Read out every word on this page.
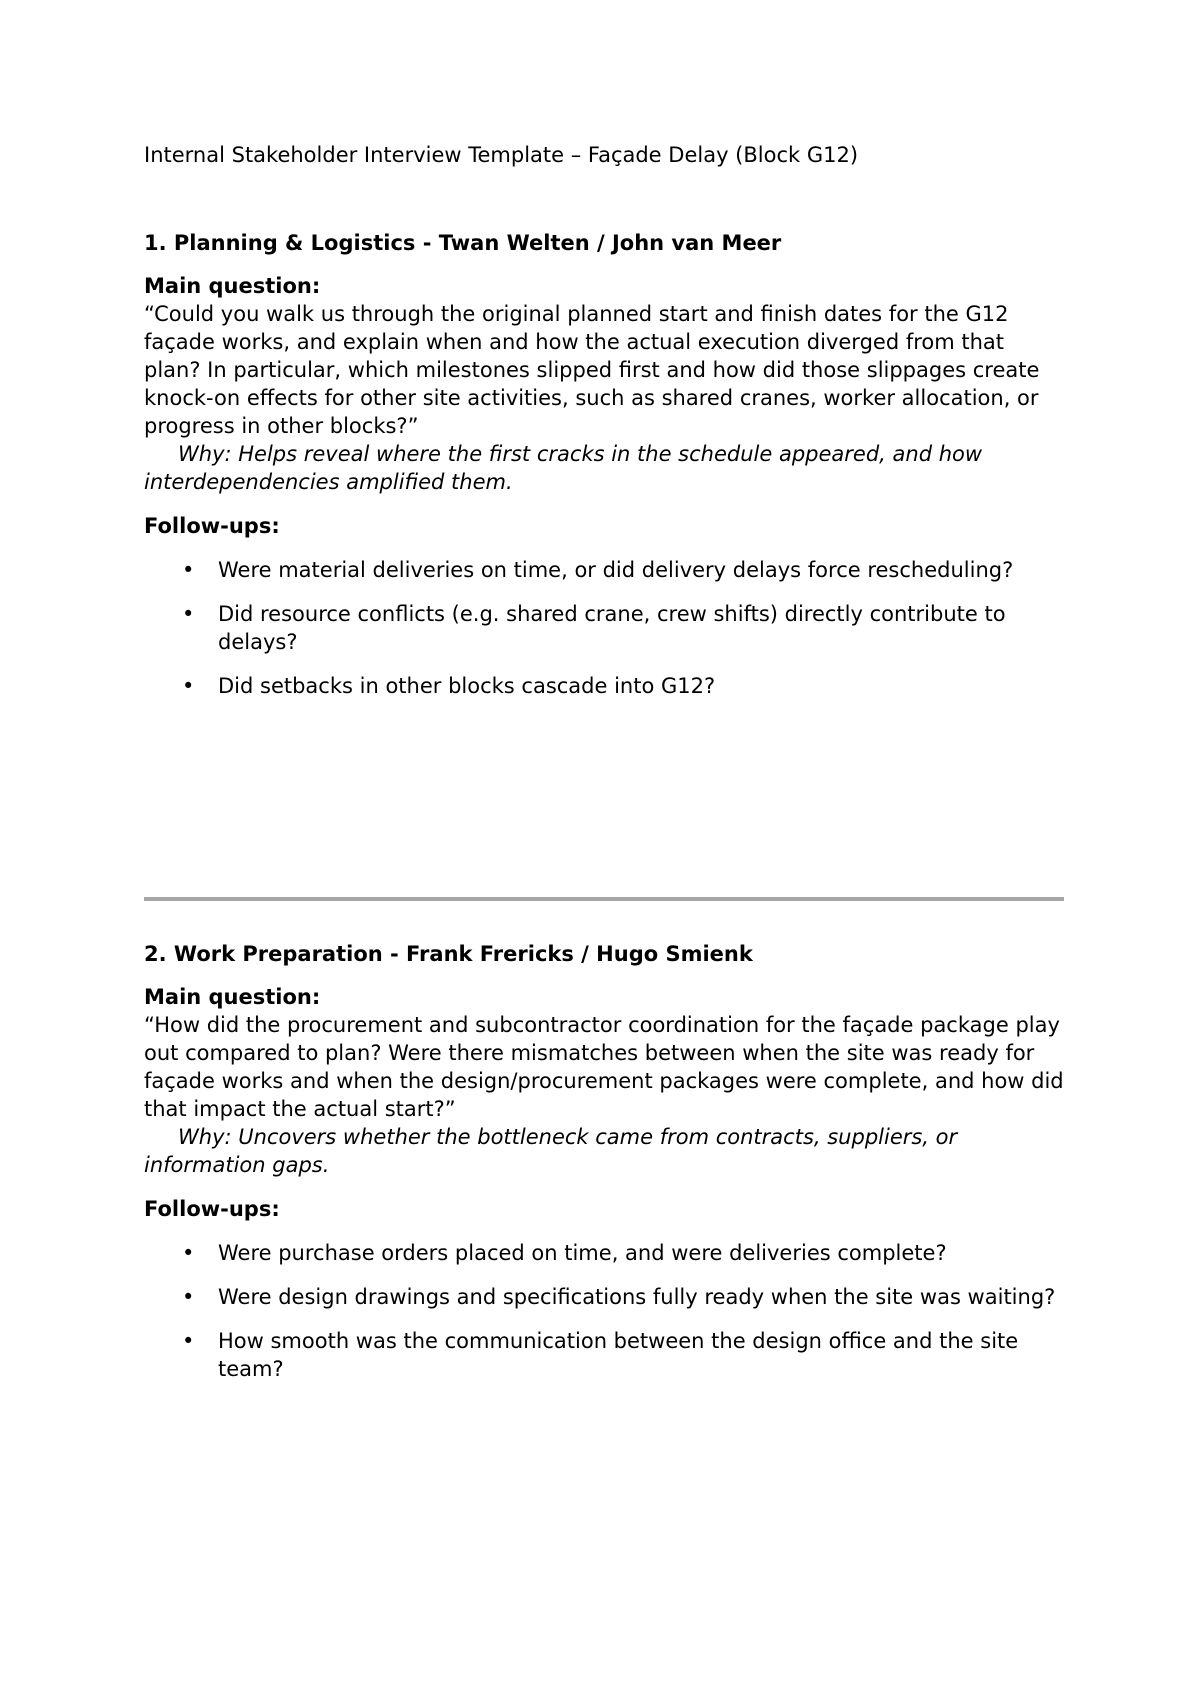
Internal Stakeholder Interview Template – Façade Delay (Block G12)
1. Planning & Logistics - Twan Welten / John van Meer

Main question:

“Could you walk us through the original planned start and finish dates for the G12 façade works, and explain when and how the actual execution diverged from that plan? In particular, which milestones slipped first and how did those slippages create knock-on effects for other site activities, such as shared cranes, worker allocation, or progress in other blocks?”

Why: Helps reveal where the first cracks in the schedule appeared, and how interdependencies amplified them.

Follow-ups:

• Were material deliveries on time, or did delivery delays force rescheduling?
• Did resource conflicts (e.g. shared crane, crew shifts) directly contribute to delays?
• Did setbacks in other blocks cascade into G12?
2. Work Preparation - Frank Frericks / Hugo Smienk

Main question:

“How did the procurement and subcontractor coordination for the façade package play out compared to plan? Were there mismatches between when the site was ready for façade works and when the design/procurement packages were complete, and how did that impact the actual start?”

Why: Uncovers whether the bottleneck came from contracts, suppliers, or information gaps.

Follow-ups:

• Were purchase orders placed on time, and were deliveries complete?
• Were design drawings and specifications fully ready when the site was waiting?
• How smooth was the communication between the design office and the site team?
